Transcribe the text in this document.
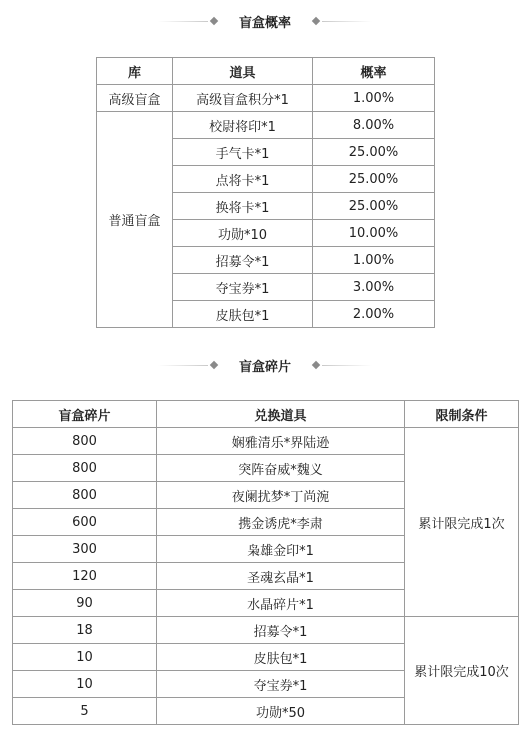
盲盒概率
库	道具	概率
高级盲盒	高级盲盒积分*1	1.00%
普通盲盒	校尉将印*1	8.00%
	手气卡*1	25.00%
	点将卡*1	25.00%
	换将卡*1	25.00%
	功勋*10	10.00%
	招募令*1	1.00%
	夺宝券*1	3.00%
	皮肤包*1	2.00%
盲盒碎片
盲盒碎片	兑换道具	限制条件
800	娴雅清乐*界陆逊	累计限完成1次
800	突阵奋威*魏义	
800	夜阑扰梦*丁尚涴	
600	携金诱虎*李肃	
300	枭雄金印*1	
120	圣魂玄晶*1	
90	水晶碎片*1	
18	招募令*1	累计限完成10次
10	皮肤包*1	
10	夺宝券*1	
5	功勋*50	
